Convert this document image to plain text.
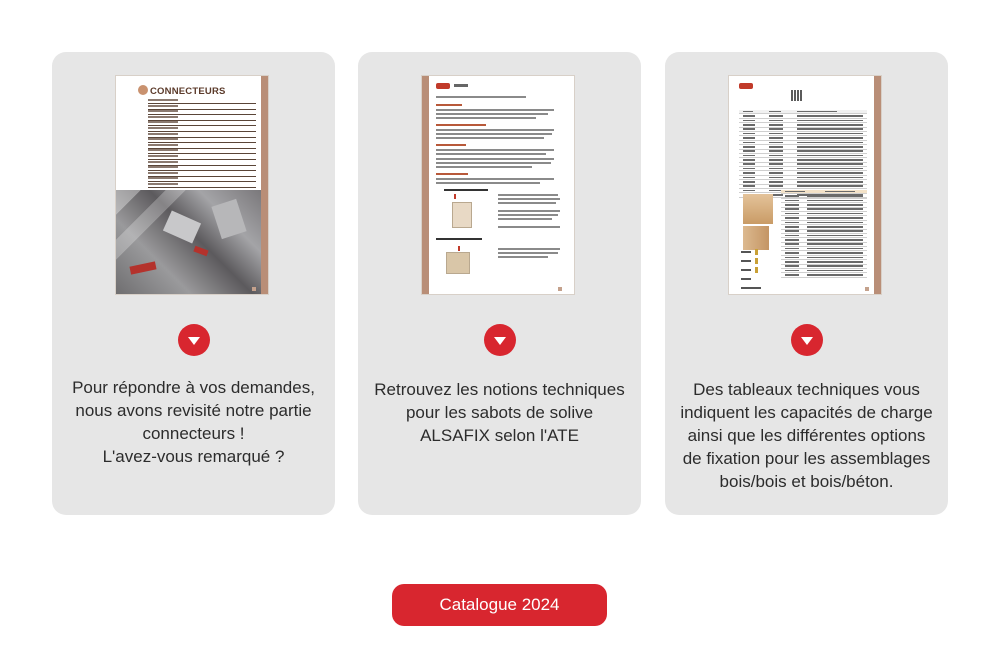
CONNECTEURS
Pour répondre à vos demandes,
nous avons revisité notre partie
connecteurs !
L'avez-vous remarqué ?
Retrouvez les notions techniques
pour les sabots de solive
ALSAFIX selon l'ATE
Des tableaux techniques vous
indiquent les capacités de charge
ainsi que les différentes options
de fixation pour les assemblages
bois/bois et bois/béton.
Catalogue 2024
